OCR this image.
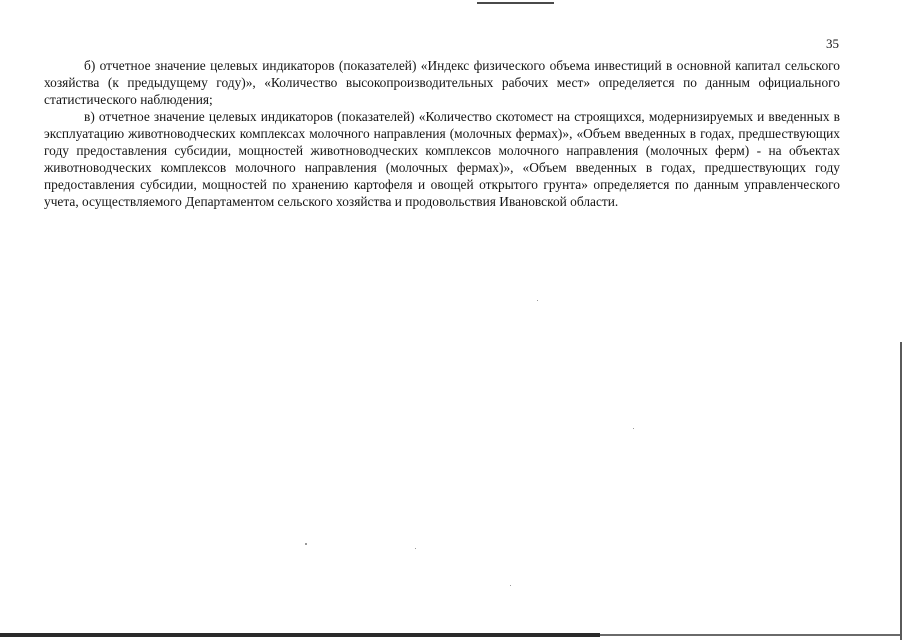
35

б) отчетное значение целевых индикаторов (показателей) «Индекс физического объема инвестиций в основной капитал сельского хозяйства (к предыдущему году)», «Количество высокопроизводительных рабочих мест» определяется по данным официального статистического наблюдения;

в) отчетное значение целевых индикаторов (показателей) «Количество скотомест на строящихся, модернизируемых и введенных в эксплуатацию животноводческих комплексах молочного направления (молочных фермах)», «Объем введенных в годах, предшествующих году предоставления субсидии, мощностей животноводческих комплексов молочного направления (молочных ферм) - на объектах животноводческих комплексов молочного направления (молочных фермах)», «Объем введенных в годах, предшествующих году предоставления субсидии, мощностей по хранению картофеля и овощей открытого грунта» определяется по данным управленческого учета, осуществляемого Департаментом сельского хозяйства и продовольствия Ивановской области.
